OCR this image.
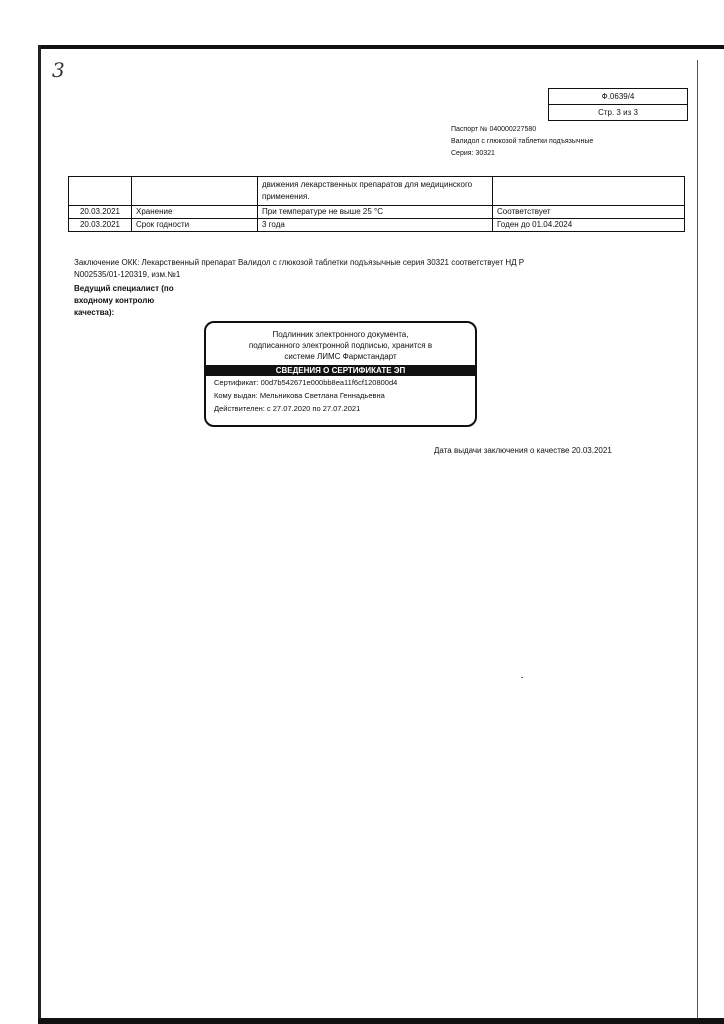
3
Ф.0639/4
Стр. 3 из 3
Паспорт № 040000227580
Валидол с глюкозой таблетки подъязычные
Серия: 30321
		движения лекарственных препаратов для медицинского применения.	
20.03.2021	Хранение	При температуре не выше 25 °С	Соответствует
20.03.2021	Срок годности	3 года	Годен до 01.04.2024
Заключение ОКК: Лекарственный препарат Валидол с глюкозой таблетки подъязычные серия 30321 соответствует НД Р N002535/01-120319, изм.№1
Ведущий специалист (по входному контролю качества):
Подлинник электронного документа,
подписанного электронной подписью, хранится в
системе ЛИМС Фармстандарт
СВЕДЕНИЯ О СЕРТИФИКАТЕ ЭП
Сертификат: 00d7b542671e000bb8ea11f6cf120800d4
Кому выдан: Мельникова Светлана Геннадьевна
Действителен: с 27.07.2020 по 27.07.2021
Дата выдачи заключения о качестве 20.03.2021
